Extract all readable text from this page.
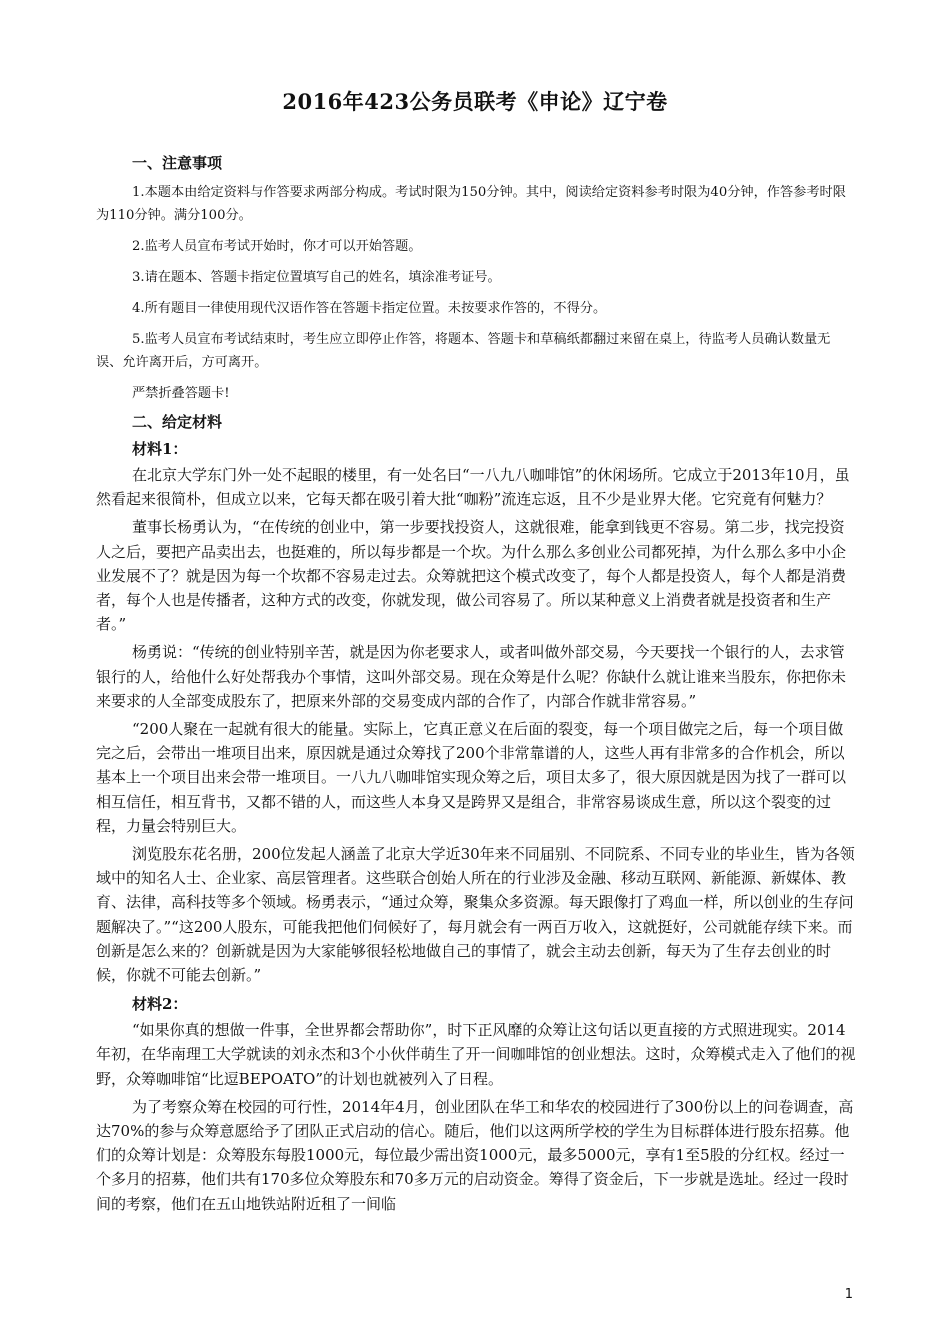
2016年423公务员联考《申论》辽宁卷
一、注意事项

1.本题本由给定资料与作答要求两部分构成。考试时限为150分钟。其中，阅读给定资料参考时限为40分钟，作答参考时限为110分钟。满分100分。

2.监考人员宣布考试开始时，你才可以开始答题。

3.请在题本、答题卡指定位置填写自己的姓名，填涂准考证号。

4.所有题目一律使用现代汉语作答在答题卡指定位置。未按要求作答的，不得分。

5.监考人员宣布考试结束时，考生应立即停止作答，将题本、答题卡和草稿纸都翻过来留在桌上，待监考人员确认数量无误、允许离开后，方可离开。

严禁折叠答题卡!

二、给定材料
材料1：

在北京大学东门外一处不起眼的楼里，有一处名曰“一八九八咖啡馆”的休闲场所。它成立于2013年10月，虽然看起来很简朴，但成立以来，它每天都在吸引着大批“咖粉”流连忘返，且不少是业界大佬。它究竟有何魅力？

董事长杨勇认为，“在传统的创业中，第一步要找投资人，这就很难，能拿到钱更不容易。第二步，找完投资人之后，要把产品卖出去，也挺难的，所以每步都是一个坎。为什么那么多创业公司都死掉，为什么那么多中小企业发展不了？就是因为每一个坎都不容易走过去。众筹就把这个模式改变了，每个人都是投资人，每个人都是消费者，每个人也是传播者，这种方式的改变，你就发现，做公司容易了。所以某种意义上消费者就是投资者和生产者。”

杨勇说：“传统的创业特别辛苦，就是因为你老要求人，或者叫做外部交易，今天要找一个银行的人，去求管银行的人，给他什么好处帮我办个事情，这叫外部交易。现在众筹是什么呢？你缺什么就让谁来当股东，你把你未来要求的人全部变成股东了，把原来外部的交易变成内部的合作了，内部合作就非常容易。”

“200人聚在一起就有很大的能量。实际上，它真正意义在后面的裂变，每一个项目做完之后，每一个项目做完之后，会带出一堆项目出来，原因就是通过众筹找了200个非常靠谱的人，这些人再有非常多的合作机会，所以基本上一个项目出来会带一堆项目。一八九八咖啡馆实现众筹之后，项目太多了，很大原因就是因为找了一群可以相互信任，相互背书，又都不错的人，而这些人本身又是跨界又是组合，非常容易谈成生意，所以这个裂变的过程，力量会特别巨大。

浏览股东花名册，200位发起人涵盖了北京大学近30年来不同届别、不同院系、不同专业的毕业生，皆为各领域中的知名人士、企业家、高层管理者。这些联合创始人所在的行业涉及金融、移动互联网、新能源、新媒体、教育、法律，高科技等多个领域。杨勇表示，“通过众筹，聚集众多资源。每天跟像打了鸡血一样，所以创业的生存问题解决了。”“这200人股东，可能我把他们伺候好了，每月就会有一两百万收入，这就挺好，公司就能存续下来。而创新是怎么来的？创新就是因为大家能够很轻松地做自己的事情了，就会主动去创新，每天为了生存去创业的时候，你就不可能去创新。”

材料2：

“如果你真的想做一件事，全世界都会帮助你”，时下正风靡的众筹让这句话以更直接的方式照进现实。2014年初，在华南理工大学就读的刘永杰和3个小伙伴萌生了开一间咖啡馆的创业想法。这时，众筹模式走入了他们的视野，众筹咖啡馆“比逗BEPOATO”的计划也就被列入了日程。

为了考察众筹在校园的可行性，2014年4月，创业团队在华工和华农的校园进行了300份以上的问卷调查，高达70%的参与众筹意愿给予了团队正式启动的信心。随后，他们以这两所学校的学生为目标群体进行股东招募。他们的众筹计划是：众筹股东每股1000元，每位最少需出资1000元，最多5000元，享有1至5股的分红权。经过一个多月的招募，他们共有170多位众筹股东和70多万元的启动资金。筹得了资金后，下一步就是选址。经过一段时间的考察，他们在五山地铁站附近租了一间临

1
